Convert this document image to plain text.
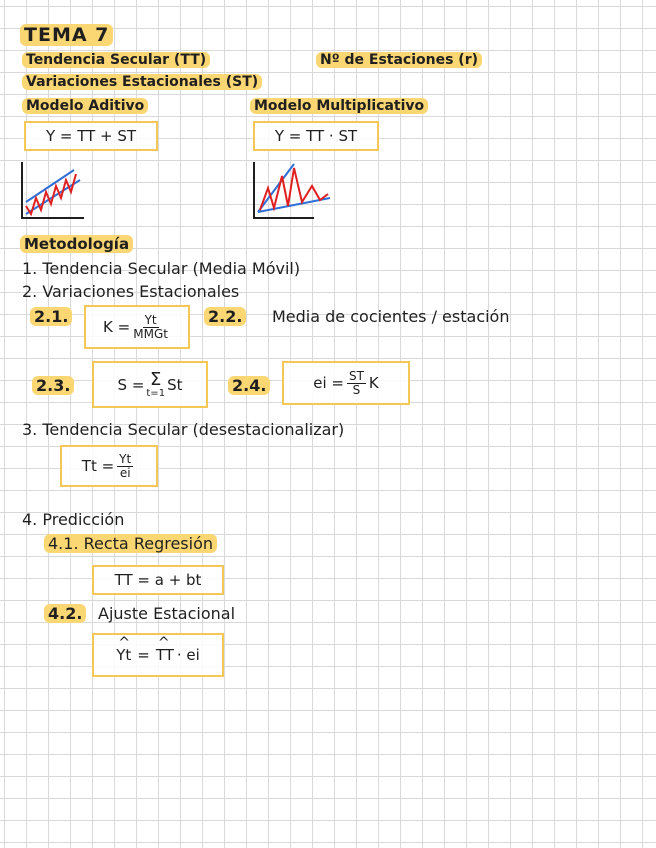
TEMA 7
Tendencia Secular (TT)	Nº de Estaciones (r)
Variaciones Estacionales (ST)
Modelo Aditivo	Modelo Multiplicativo
Y = TT + ST	Y = TT · ST
Metodología
1. Tendencia Secular (Media Móvil)
2. Variaciones Estacionales
2.1.
$K = \frac{Yt}{\text{MMGt}}$	2.2. Media de cocientes / estación
2.3.	S = Σ
t=1 St	2.4.	ei = $\frac{ST}{S}$ K
3. Tendencia Secular (desestacionalizar)
$Tt = \frac{Yt}{ei}$
4. Predicción
4.1. Recta Regresión
TT = a + bt
4.2. Ajuste Estacional
^ Yt =
^ TT · ei
